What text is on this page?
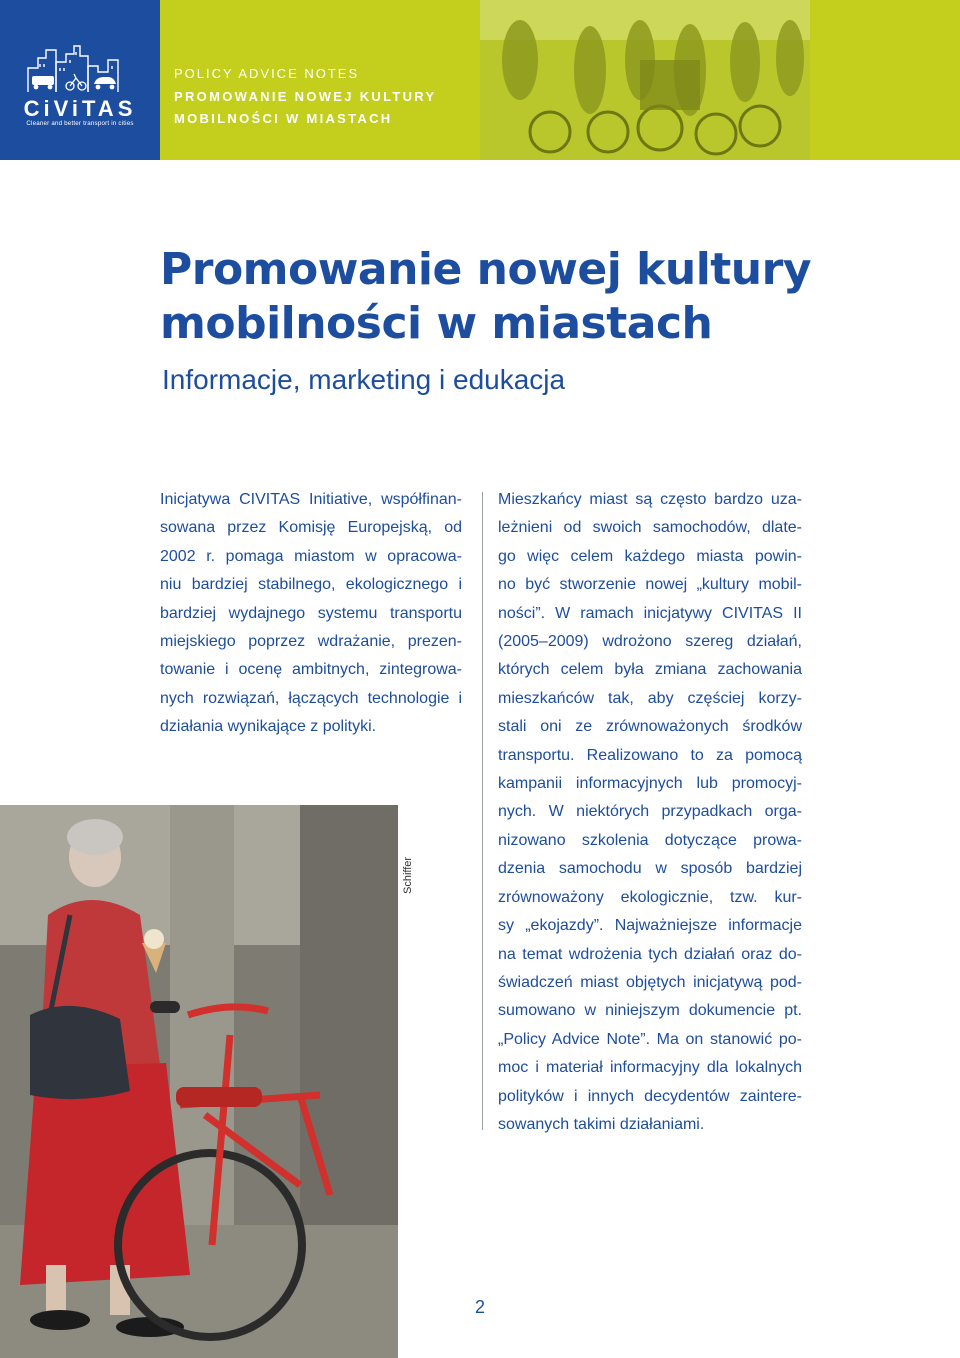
CiViTAS
Cleaner and better transport in cities
POLICY ADVICE NOTES
PROMOWANIE NOWEJ KULTURY
MOBILNOŚCI W MIASTACH
Promowanie nowej kultury
mobilności w miastach
Informacje, marketing i edukacja
Inicjatywa CIVITAS Initiative, współfinan-
sowana przez Komisję Europejską, od
2002 r. pomaga miastom w opracowa-
niu bardziej stabilnego, ekologicznego i
bardziej wydajnego systemu transportu
miejskiego poprzez wdrażanie, prezen-
towanie i ocenę ambitnych, zintegrowa-
nych rozwiązań, łączących technologie i
działania wynikające z polityki.
Mieszkańcy miast są często bardzo uza-
leżnieni od swoich samochodów, dlate-
go więc celem każdego miasta powin-
no być stworzenie nowej „kultury mobil-
ności”. W ramach inicjatywy CIVITAS II
(2005–2009) wdrożono szereg działań,
których celem była zmiana zachowania
mieszkańców tak, aby częściej korzy-
stali oni ze zrównoważonych środków
transportu. Realizowano to za pomocą
kampanii informacyjnych lub promocyj-
nych. W niektórych przypadkach orga-
nizowano szkolenia dotyczące prowa-
dzenia samochodu w sposób bardziej
zrównoważony ekologicznie, tzw. kur-
sy „ekojazdy”. Najważniejsze informacje
na temat wdrożenia tych działań oraz do-
świadczeń miast objętych inicjatywą pod-
sumowano w niniejszym dokumencie pt.
„Policy Advice Note”. Ma on stanowić po-
moc i materiał informacyjny dla lokalnych
polityków i innych decydentów zaintere-
sowanych takimi działaniami.
Schiffer
2
